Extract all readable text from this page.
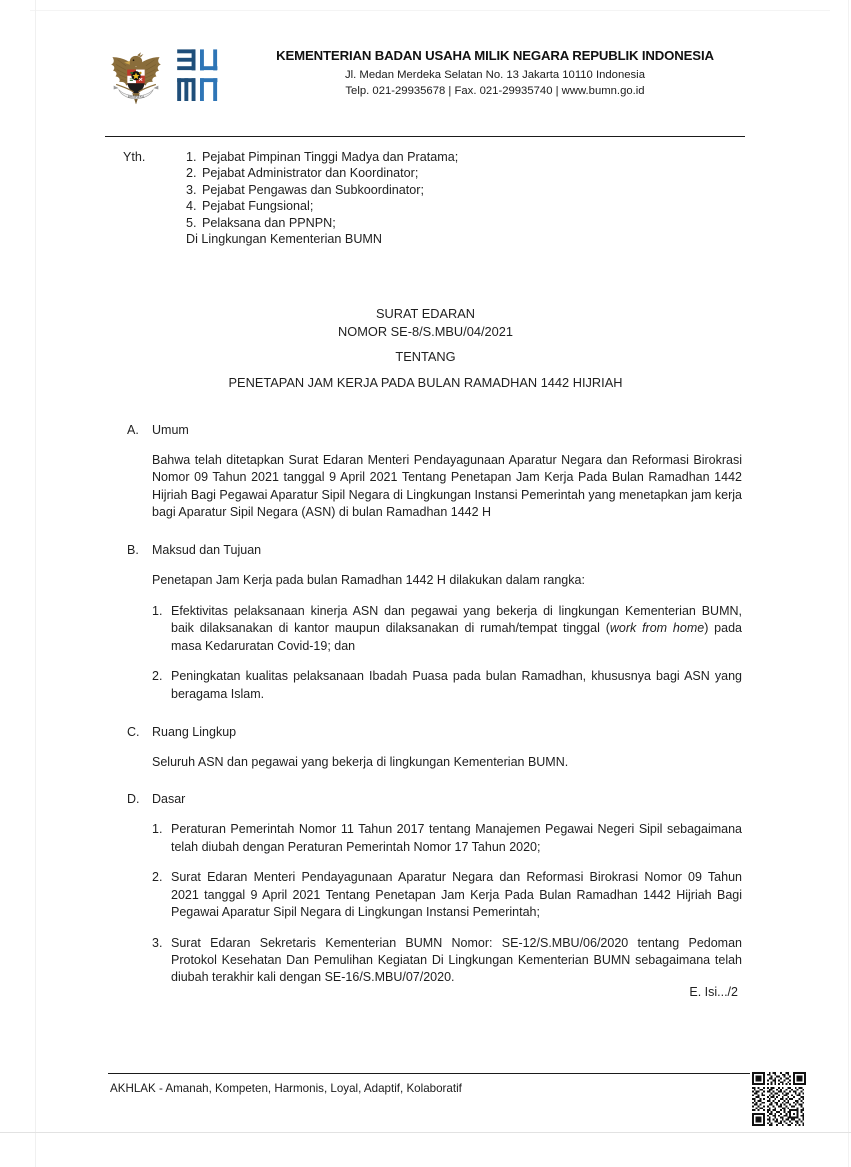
BHINNEKA
KEMENTERIAN BADAN USAHA MILIK NEGARA REPUBLIK INDONESIA
Jl. Medan Merdeka Selatan No. 13 Jakarta 10110 Indonesia
Telp. 021-29935678 | Fax. 021-29935740 | www.bumn.go.id
Yth.	1. Pejabat Pimpinan Tinggi Madya dan Pratama;
2. Pejabat Administrator dan Koordinator;
3. Pejabat Pengawas dan Subkoordinator;
4. Pejabat Fungsional;
5. Pelaksana dan PPNPN;
Di Lingkungan Kementerian BUMN
SURAT EDARAN
NOMOR SE-8/S.MBU/04/2021
TENTANG
PENETAPAN JAM KERJA PADA BULAN RAMADHAN 1442 HIJRIAH
A.	Umum
Bahwa telah ditetapkan Surat Edaran Menteri Pendayagunaan Aparatur Negara dan Reformasi Birokrasi Nomor 09 Tahun 2021 tanggal 9 April 2021 Tentang Penetapan Jam Kerja Pada Bulan Ramadhan 1442 Hijriah Bagi Pegawai Aparatur Sipil Negara di Lingkungan Instansi Pemerintah yang menetapkan jam kerja bagi Aparatur Sipil Negara (ASN) di bulan Ramadhan 1442 H
B.	Maksud dan Tujuan
Penetapan Jam Kerja pada bulan Ramadhan 1442 H dilakukan dalam rangka:
1. Efektivitas pelaksanaan kinerja ASN dan pegawai yang bekerja di lingkungan Kementerian BUMN, baik dilaksanakan di kantor maupun dilaksanakan di rumah/tempat tinggal (work from home) pada masa Kedaruratan Covid-19; dan
2. Peningkatan kualitas pelaksanaan Ibadah Puasa pada bulan Ramadhan, khususnya bagi ASN yang beragama Islam.
C.	Ruang Lingkup
Seluruh ASN dan pegawai yang bekerja di lingkungan Kementerian BUMN.
D.	Dasar
1. Peraturan Pemerintah Nomor 11 Tahun 2017 tentang Manajemen Pegawai Negeri Sipil sebagaimana telah diubah dengan Peraturan Pemerintah Nomor 17 Tahun 2020;
2. Surat Edaran Menteri Pendayagunaan Aparatur Negara dan Reformasi Birokrasi Nomor 09 Tahun 2021 tanggal 9 April 2021 Tentang Penetapan Jam Kerja Pada Bulan Ramadhan 1442 Hijriah Bagi Pegawai Aparatur Sipil Negara di Lingkungan Instansi Pemerintah;
3. Surat Edaran Sekretaris Kementerian BUMN Nomor: SE-12/S.MBU/06/2020 tentang Pedoman Protokol Kesehatan Dan Pemulihan Kegiatan Di Lingkungan Kementerian BUMN sebagaimana telah diubah terakhir kali dengan SE-16/S.MBU/07/2020.
E. Isi.../2
AKHLAK - Amanah, Kompeten, Harmonis, Loyal, Adaptif, Kolaboratif
